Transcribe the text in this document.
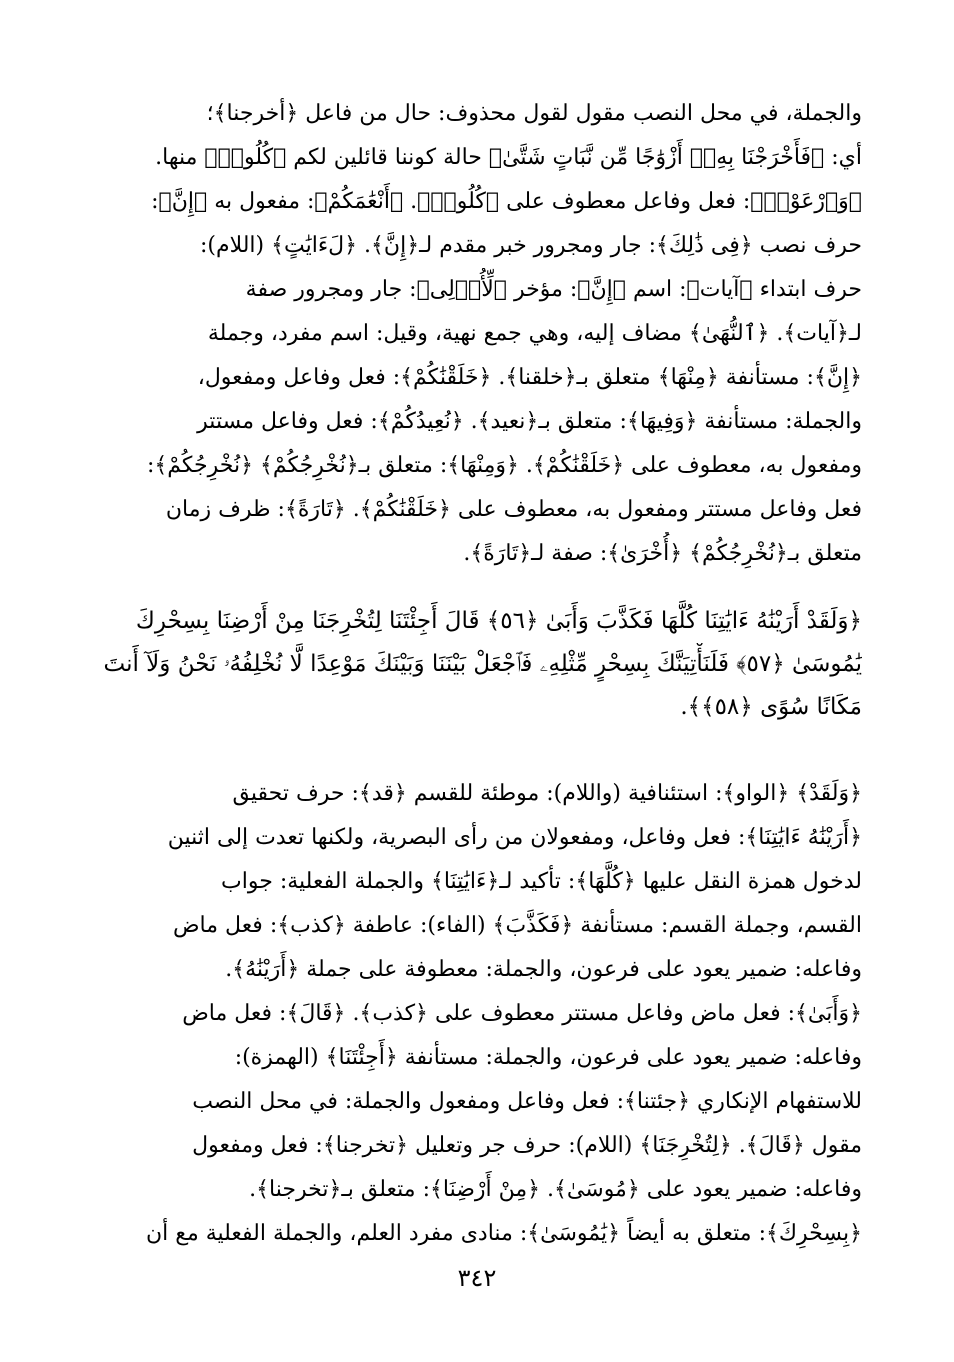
والجملة، في محل النصب مقول لقول محذوف: حال من فاعل ﴿أخرجنا﴾؛
أي: ﴿فَأَخْرَجْنَا بِهِۦٓ أَزْوَٰجًا مِّن نَّبَاتٍ شَتَّىٰ﴾ حالة كوننا قائلين لكم ﴿كُلُوا۟﴾ منها.
﴿وَٱرْعَوْا۟﴾: فعل وفاعل معطوف على ﴿كُلُوا۟﴾. ﴿أَنْعَٰمَكُمْ﴾: مفعول به ﴿إِنَّ﴾:
حرف نصب ﴿فِى ذَٰلِكَ﴾: جار ومجرور خبر مقدم لـ﴿إِنَّ﴾. ﴿لَءَايَٰتٍ﴾ (اللام):
حرف ابتداء ﴿آيات﴾: اسم ﴿إِنَّ﴾: مؤخر ﴿لِّأُو۟لِى﴾: جار ومجرور صفة
لـ﴿آيات﴾. ﴿ٱلنُّهَىٰ﴾ مضاف إليه، وهي جمع نهية، وقيل: اسم مفرد، وجملة
﴿إِنَّ﴾: مستأنفة ﴿مِنْهَا﴾ متعلق بـ﴿خلقنا﴾. ﴿خَلَقْنَٰكُمْ﴾: فعل وفاعل ومفعول،
والجملة: مستأنفة ﴿وَفِيهَا﴾: متعلق بـ﴿نعيد﴾. ﴿نُعِيدُكُمْ﴾: فعل وفاعل مستتر
ومفعول به، معطوف على ﴿خَلَقْنَٰكُمْ﴾. ﴿وَمِنْهَا﴾: متعلق بـ﴿نُخْرِجُكُمْ﴾ ﴿نُخْرِجُكُمْ﴾:
فعل وفاعل مستتر ومفعول به، معطوف على ﴿خَلَقْنَٰكُمْ﴾. ﴿تَارَةً﴾: ظرف زمان
متعلق بـ﴿نُخْرِجُكُمْ﴾ ﴿أُخْرَىٰ﴾: صفة لـ﴿تَارَةً﴾.
﴿وَلَقَدْ أَرَيْنَٰهُ ءَايَٰتِنَا كُلَّهَا فَكَذَّبَ وَأَبَىٰ ﴿٥٦﴾ قَالَ أَجِئْتَنَا لِتُخْرِجَنَا مِنْ أَرْضِنَا بِسِحْرِكَ
يَٰمُوسَىٰ ﴿٥٧﴾ فَلَنَأْتِيَنَّكَ بِسِحْرٍ مِّثْلِهِۦ فَٱجْعَلْ بَيْنَنَا وَبَيْنَكَ مَوْعِدًا لَّا نُخْلِفُهُۥ نَحْنُ وَلَآ أَنتَ
مَكَانًا سُوًى ﴿٥٨﴾﴾.
﴿وَلَقَدْ﴾ ﴿الواو﴾: استئنافية (واللام): موطئة للقسم ﴿قد﴾: حرف تحقيق
﴿أَرَيْنَٰهُ ءَايَٰتِنَا﴾: فعل وفاعل، ومفعولان من رأى البصرية، ولكنها تعدت إلى اثنين
لدخول همزة النقل عليها ﴿كُلَّهَا﴾: تأكيد لـ﴿ءَايَٰتِنَا﴾ والجملة الفعلية: جواب
القسم، وجملة القسم: مستأنفة ﴿فَكَذَّبَ﴾ (الفاء): عاطفة ﴿كذب﴾: فعل ماض
وفاعله: ضمير يعود على فرعون، والجملة: معطوفة على جملة ﴿أَرَيْنَٰهُ﴾.
﴿وَأَبَىٰ﴾: فعل ماض وفاعل مستتر معطوف على ﴿كذب﴾. ﴿قَالَ﴾: فعل ماض
وفاعله: ضمير يعود على فرعون، والجملة: مستأنفة ﴿أَجِئْتَنَا﴾ (الهمزة):
للاستفهام الإنكاري ﴿جئتنا﴾: فعل وفاعل ومفعول والجملة: في محل النصب
مقول ﴿قَالَ﴾. ﴿لِتُخْرِجَنَا﴾ (اللام): حرف جر وتعليل ﴿تخرجنا﴾: فعل ومفعول
وفاعله: ضمير يعود على ﴿مُوسَىٰ﴾. ﴿مِنْ أَرْضِنَا﴾: متعلق بـ﴿تخرجنا﴾.
﴿بِسِحْرِكَ﴾: متعلق به أيضاً ﴿يَٰمُوسَىٰ﴾: منادى مفرد العلم، والجملة الفعلية مع أن
٣٤٢
